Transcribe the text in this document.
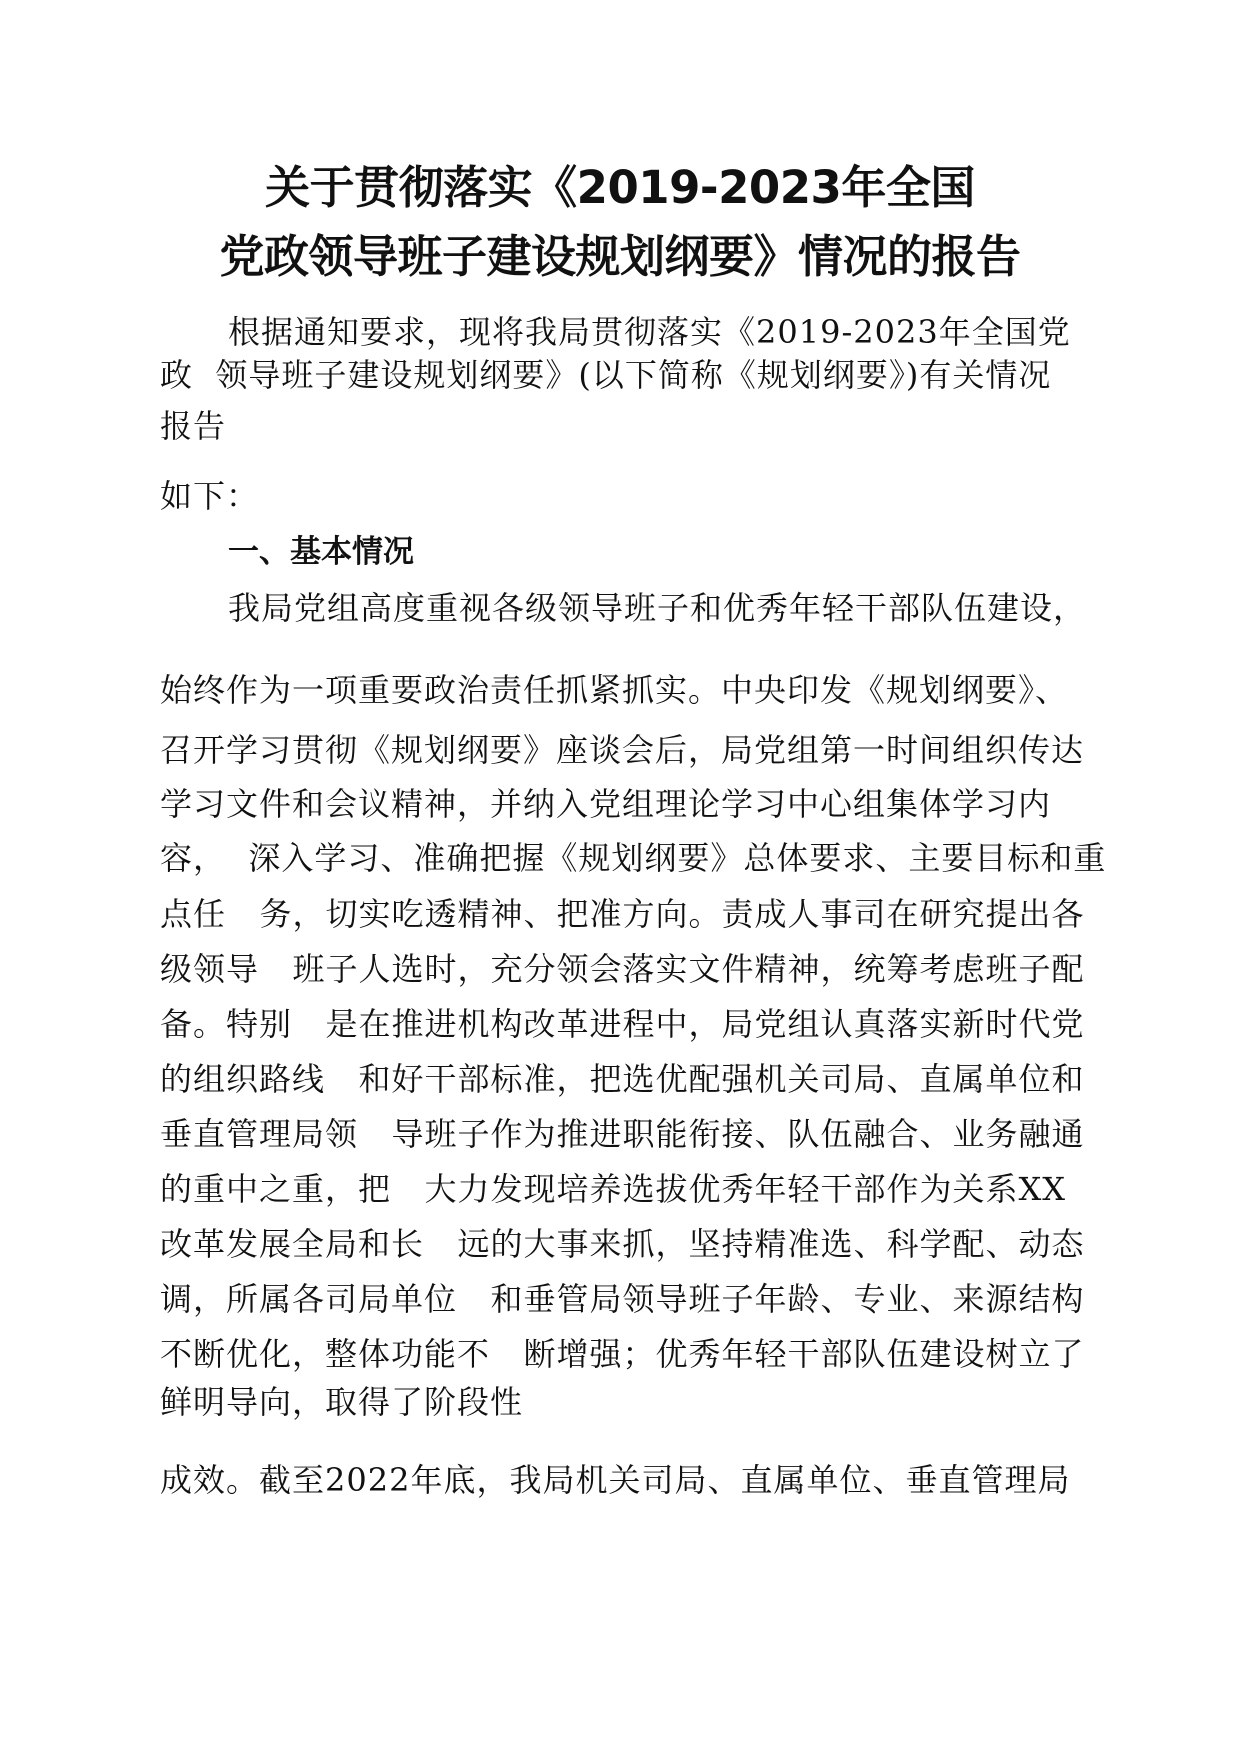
关于贯彻落实《2019-2023年全国
党政领导班子建设规划纲要》情况的报告
根据通知要求，现将我局贯彻落实《2019-2023年全国党
政  领导班子建设规划纲要》(以下简称《规划纲要》)有关情况
报告
如下：
一、基本情况
我局党组高度重视各级领导班子和优秀年轻干部队伍建设，
始终作为一项重要政治责任抓紧抓实。中央印发《规划纲要》、
召开学习贯彻《规划纲要》座谈会后，局党组第一时间组织传达
学习文件和会议精神，并纳入党组理论学习中心组集体学习内
容，  深入学习、准确把握《规划纲要》总体要求、主要目标和重
点任   务，切实吃透精神、把准方向。责成人事司在研究提出各
级领导   班子人选时，充分领会落实文件精神，统筹考虑班子配
备。特别   是在推进机构改革进程中，局党组认真落实新时代党
的组织路线   和好干部标准，把选优配强机关司局、直属单位和
垂直管理局领   导班子作为推进职能衔接、队伍融合、业务融通
的重中之重，把   大力发现培养选拔优秀年轻干部作为关系XX
改革发展全局和长   远的大事来抓，坚持精准选、科学配、动态
调，所属各司局单位   和垂管局领导班子年龄、专业、来源结构
不断优化，整体功能不   断增强；优秀年轻干部队伍建设树立了
鲜明导向，取得了阶段性
成效。截至2022年底，我局机关司局、直属单位、垂直管理局
